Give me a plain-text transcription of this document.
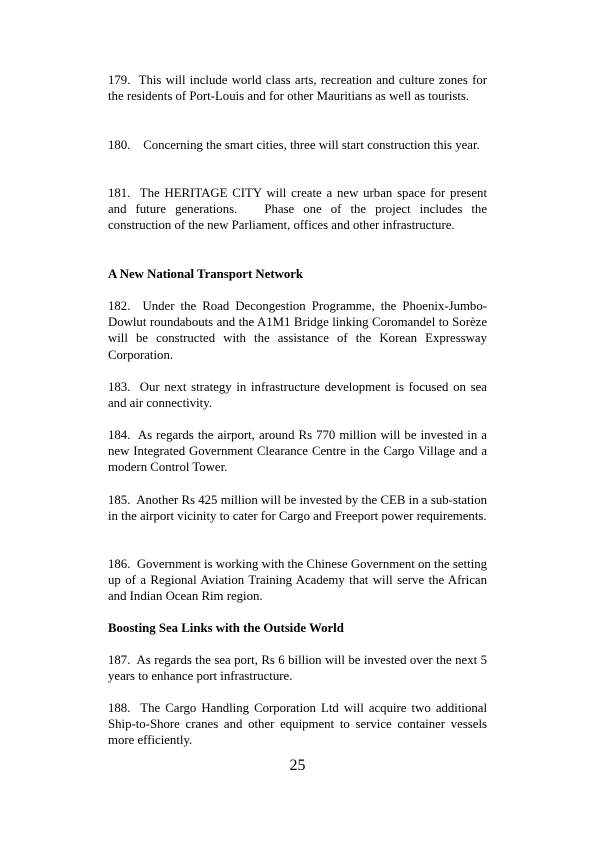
179.  This will include world class arts, recreation and culture zones for the residents of Port-Louis and for other Mauritians as well as tourists.

180.    Concerning the smart cities, three will start construction this year.

181.  The HERITAGE CITY will create a new urban space for present and future generations.   Phase one of the project includes the construction of the new Parliament, offices and other infrastructure.

A New National Transport Network

182.  Under the Road Decongestion Programme, the Phoenix-Jumbo-Dowlut roundabouts and the A1M1 Bridge linking Coromandel to Sorèze will be constructed with the assistance of the Korean Expressway Corporation.

183.  Our next strategy in infrastructure development is focused on sea and air connectivity.

184.  As regards the airport, around Rs 770 million will be invested in a new Integrated Government Clearance Centre in the Cargo Village and a modern Control Tower.

185.  Another Rs 425 million will be invested by the CEB in a sub-station in the airport vicinity to cater for Cargo and Freeport power requirements.

186.  Government is working with the Chinese Government on the setting up of a Regional Aviation Training Academy that will serve the African and Indian Ocean Rim region.

Boosting Sea Links with the Outside World

187.  As regards the sea port, Rs 6 billion will be invested over the next 5 years to enhance port infrastructure.

188.  The Cargo Handling Corporation Ltd will acquire two additional Ship-to-Shore cranes and other equipment to service container vessels more efficiently.

25
